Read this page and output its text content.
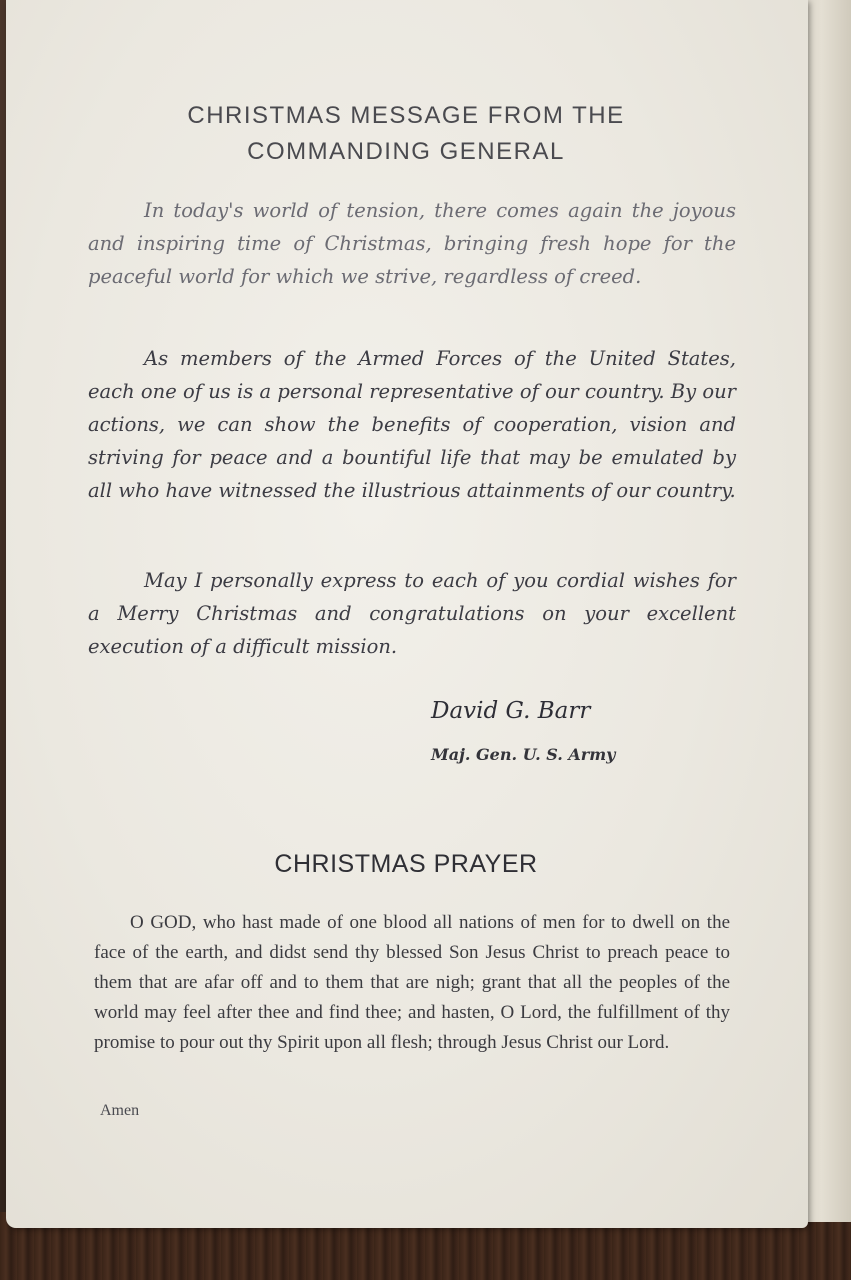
CHRISTMAS MESSAGE FROM THE
COMMANDING GENERAL

In today's world of tension, there comes again the joyous and inspiring time of Christmas, bringing fresh hope for the peaceful world for which we strive, regardless of creed.

As members of the Armed Forces of the United States, each one of us is a personal representative of our country. By our actions, we can show the benefits of cooperation, vision and striving for peace and a bountiful life that may be emulated by all who have witnessed the illustrious attainments of our country.

May I personally express to each of you cordial wishes for a Merry Christmas and congratulations on your excellent execution of a difficult mission.

David G. Barr
Maj. Gen. U. S. Army
CHRISTMAS PRAYER

O GOD, who hast made of one blood all nations of men for to dwell on the face of the earth, and didst send thy blessed Son Jesus Christ to preach peace to them that are afar off and to them that are nigh; grant that all the peoples of the world may feel after thee and find thee; and hasten, O Lord, the fulfillment of thy promise to pour out thy Spirit upon all flesh; through Jesus Christ our Lord.

Amen
